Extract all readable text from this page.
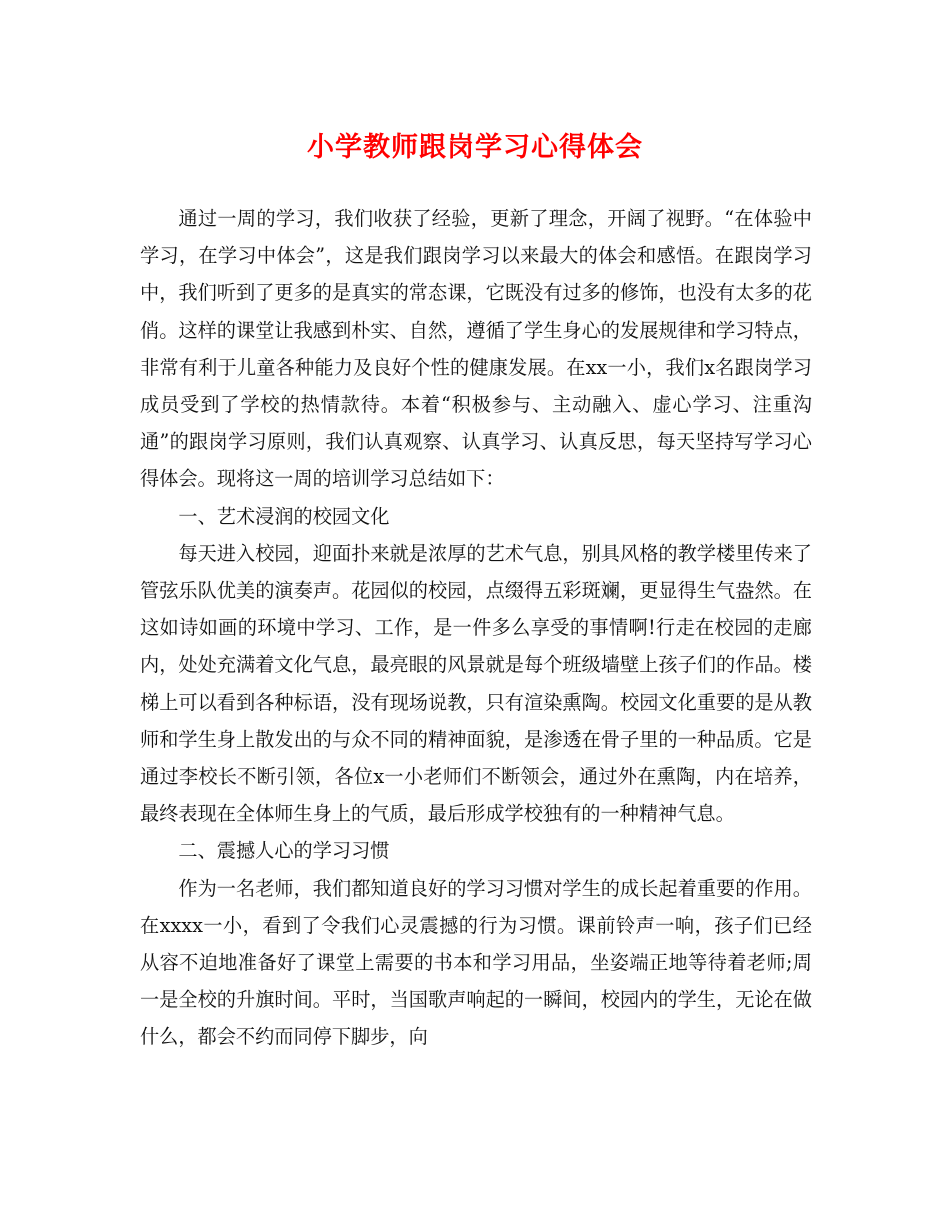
小学教师跟岗学习心得体会

通过一周的学习，我们收获了经验，更新了理念，开阔了视野。“在体验中学习，在学习中体会”，这是我们跟岗学习以来最大的体会和感悟。在跟岗学习中，我们听到了更多的是真实的常态课，它既没有过多的修饰，也没有太多的花俏。这样的课堂让我感到朴实、自然，遵循了学生身心的发展规律和学习特点，非常有利于儿童各种能力及良好个性的健康发展。在xx一小，我们x名跟岗学习成员受到了学校的热情款待。本着“积极参与、主动融入、虚心学习、注重沟通”的跟岗学习原则，我们认真观察、认真学习、认真反思，每天坚持写学习心得体会。现将这一周的培训学习总结如下：

一、艺术浸润的校园文化

每天进入校园，迎面扑来就是浓厚的艺术气息，别具风格的教学楼里传来了管弦乐队优美的演奏声。花园似的校园，点缀得五彩斑斓，更显得生气盎然。在这如诗如画的环境中学习、工作，是一件多么享受的事情啊!行走在校园的走廊内，处处充满着文化气息，最亮眼的风景就是每个班级墙壁上孩子们的作品。楼梯上可以看到各种标语，没有现场说教，只有渲染熏陶。校园文化重要的是从教师和学生身上散发出的与众不同的精神面貌，是渗透在骨子里的一种品质。它是通过李校长不断引领，各位x一小老师们不断领会，通过外在熏陶，内在培养，最终表现在全体师生身上的气质，最后形成学校独有的一种精神气息。

二、震撼人心的学习习惯

作为一名老师，我们都知道良好的学习习惯对学生的成长起着重要的作用。在xxxx一小，看到了令我们心灵震撼的行为习惯。课前铃声一响，孩子们已经从容不迫地准备好了课堂上需要的书本和学习用品，坐姿端正地等待着老师;周一是全校的升旗时间。平时，当国歌声响起的一瞬间，校园内的学生，无论在做什么，都会不约而同停下脚步，向
